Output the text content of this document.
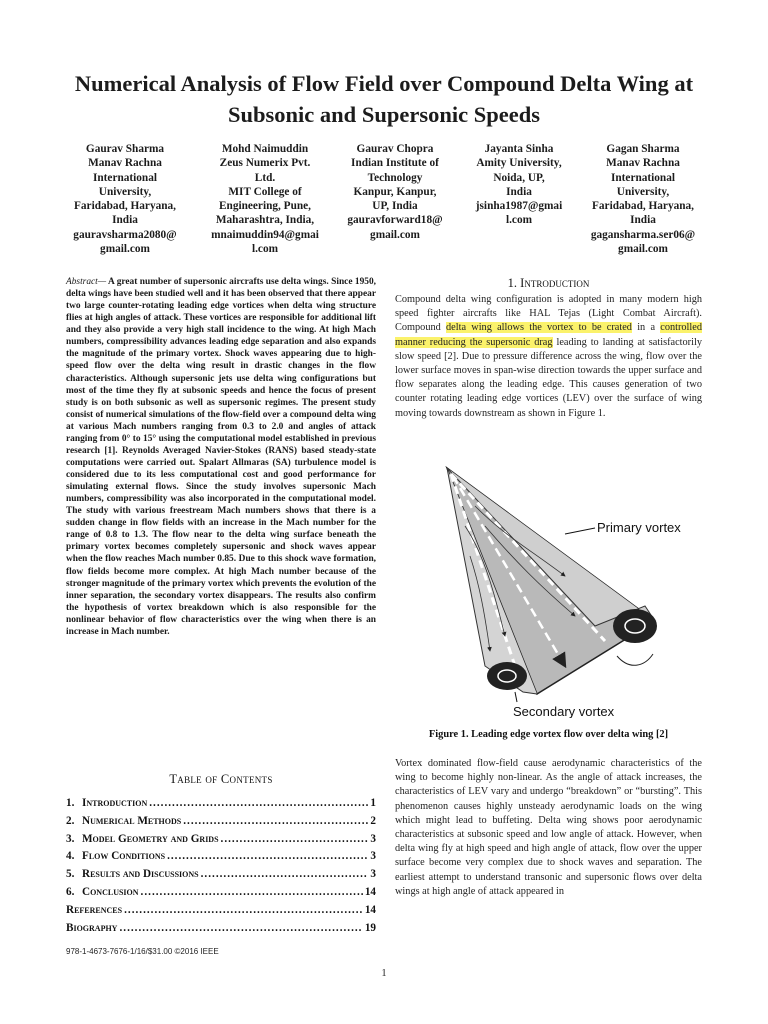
Numerical Analysis of Flow Field over Compound Delta Wing at Subsonic and Supersonic Speeds
Gaurav Sharma
Manav Rachna
International
University,
Faridabad, Haryana,
India
gauravsharma2080@
gmail.com
Mohd Naimuddin
Zeus Numerix Pvt.
Ltd.
MIT College of
Engineering, Pune,
Maharashtra, India,
mnaimuddin94@gmai
l.com
Gaurav Chopra
Indian Institute of
Technology
Kanpur, Kanpur,
UP, India
gauravforward18@
gmail.com
Jayanta Sinha
Amity University,
Noida, UP,
India
jsinha1987@gmai
l.com
Gagan Sharma
Manav Rachna
International
University,
Faridabad, Haryana,
India
gagansharma.ser06@
gmail.com

Abstract— A great number of supersonic aircrafts use delta wings. Since 1950, delta wings have been studied well and it has been observed that there appear two large counter-rotating leading edge vortices when delta wing structure flies at high angles of attack. These vortices are responsible for additional lift and they also provide a very high stall incidence to the wing. At high Mach numbers, compressibility advances leading edge separation and also expands the magnitude of the primary vortex. Shock waves appearing due to high-speed flow over the delta wing result in drastic changes in the flow characteristics. Although supersonic jets use delta wing configurations but most of the time they fly at subsonic speeds and hence the focus of present study is on both subsonic as well as supersonic regimes. The present study consist of numerical simulations of the flow-field over a compound delta wing at various Mach numbers ranging from 0.3 to 2.0 and angles of attack ranging from 0° to 15° using the computational model established in previous research [1]. Reynolds Averaged Navier-Stokes (RANS) based steady-state computations were carried out. Spalart Allmaras (SA) turbulence model is considered due to its less computational cost and good performance for simulating external flows. Since the study involves supersonic Mach numbers, compressibility was also incorporated in the computational model. The study with various freestream Mach numbers shows that there is a sudden change in flow fields with an increase in the Mach number for the range of 0.8 to 1.3. The flow near to the delta wing surface beneath the primary vortex becomes completely supersonic and shock waves appear when the flow reaches Mach number 0.85. Due to this shock wave formation, flow fields become more complex. At high Mach number because of the stronger magnitude of the primary vortex which prevents the evolution of the inner separation, the secondary vortex disappears. The results also confirm the hypothesis of vortex breakdown which is also responsible for the nonlinear behavior of flow characteristics over the wing when there is an increase in Mach number.

Table of Contents
1. Introduction .....	1
2. Numerical Methods .....	2
3. Model Geometry and Grids .....	3
4. Flow Conditions .....	3
5. Results and Discussions .....	3
6. Conclusion .....	14
References .....	14
Biography .....	19
978-1-4673-7676-1/16/$31.00 ©2016 IEEE
1
1. Introduction

Compound delta wing configuration is adopted in many modern high speed fighter aircrafts like HAL Tejas (Light Combat Aircraft). Compound delta wing allows the vortex to be crated in a controlled manner reducing the supersonic drag leading to landing at satisfactorily slow speed [2]. Due to pressure difference across the wing, flow over the lower surface moves in span-wise direction towards the upper surface and flow separates along the leading edge. This causes generation of two counter rotating leading edge vortices (LEV) over the surface of wing moving towards downstream as shown in Figure 1.

Primary vortex
Secondary vortex
Figure 1. Leading edge vortex flow over delta wing [2]

Vortex dominated flow-field cause aerodynamic characteristics of the wing to become highly non-linear. As the angle of attack increases, the characteristics of LEV vary and undergo “breakdown” or “bursting”. This phenomenon causes highly unsteady aerodynamic loads on the wing which might lead to buffeting. Delta wing shows poor aerodynamic characteristics at subsonic speed and low angle of attack. However, when delta wing fly at high speed and high angle of attack, flow over the upper surface become very complex due to shock waves and separation. The earliest attempt to understand transonic and supersonic flows over delta wings at high angle of attack appeared in
